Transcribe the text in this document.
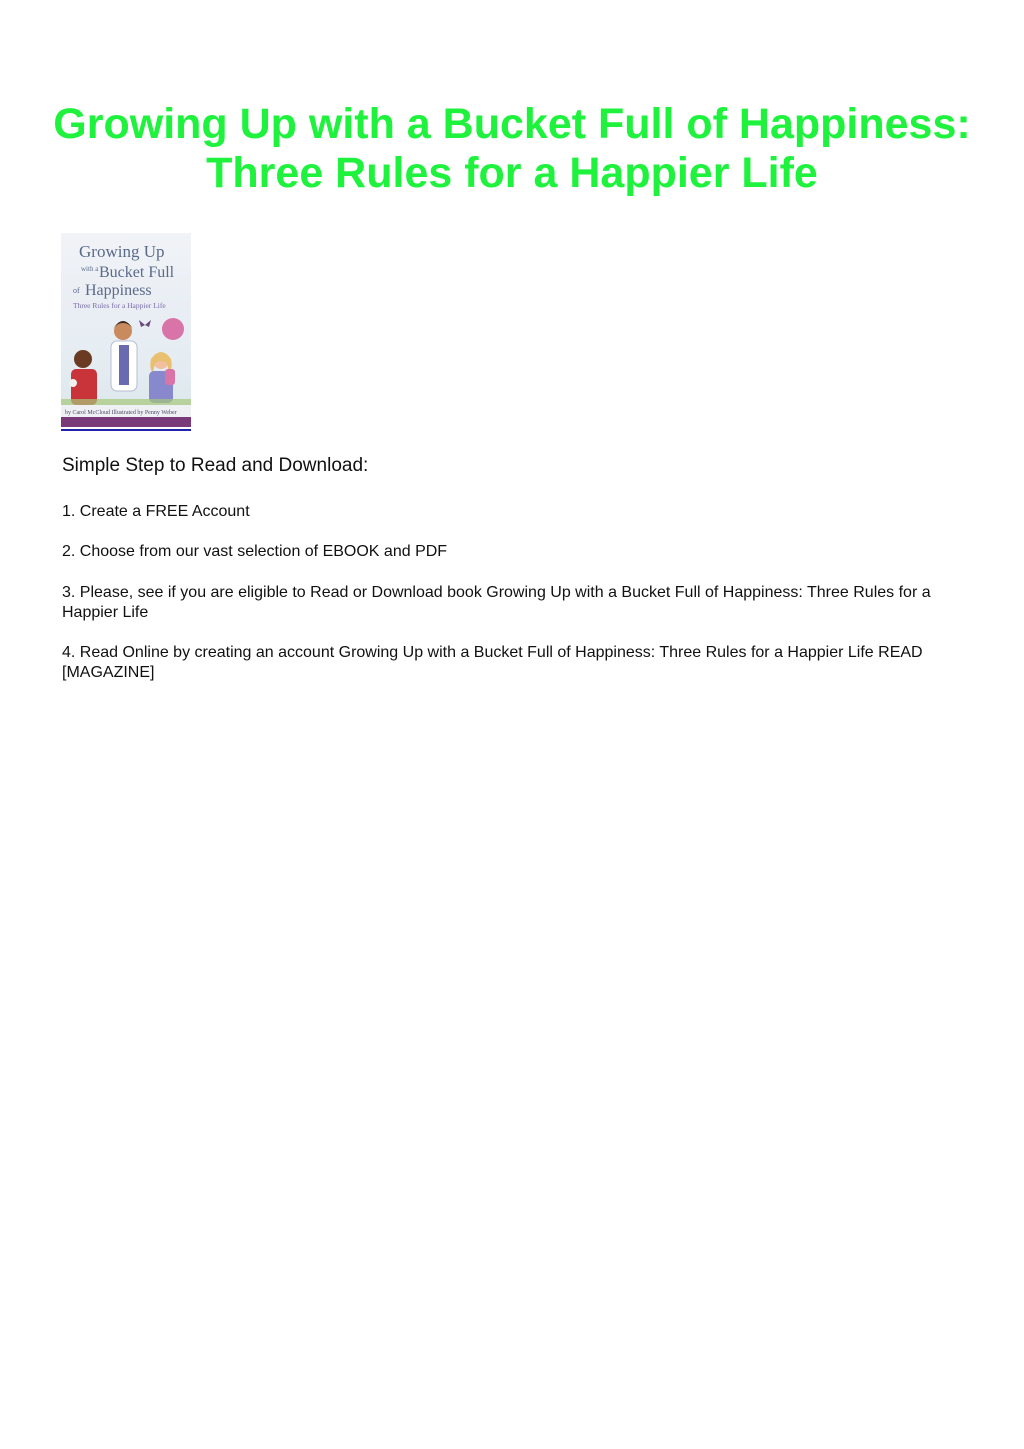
Growing Up with a Bucket Full of Happiness:
Three Rules for a Happier Life
Growing Up
with a Bucket Full
of Happiness
Three Rules for a Happier Life
by Carol McCloud Illustrated by Penny Weber
Simple Step to Read and Download:

1. Create a FREE Account

2. Choose from our vast selection of EBOOK and PDF

3. Please, see if you are eligible to Read or Download book Growing Up with a Bucket Full of Happiness: Three Rules for a Happier Life

4. Read Online by creating an account Growing Up with a Bucket Full of Happiness: Three Rules for a Happier Life READ [MAGAZINE]
